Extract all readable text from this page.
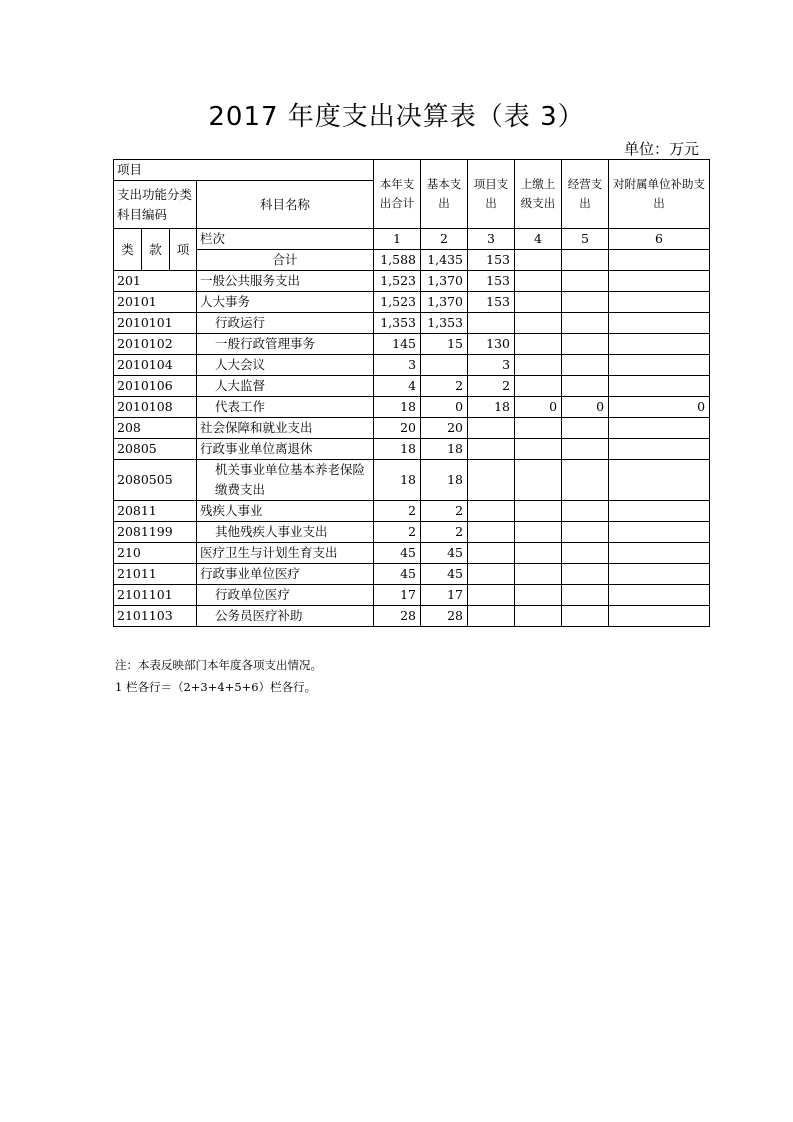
2017 年度支出决算表（表 3）
单位：万元
项目				本年支出合计	基本支出	项目支出	上缴上级支出	经营支出	对附属单位补助支出
支出功能分类科目编码			科目名称						

类	款	项	栏次	1	2	3	4	5	6
			合计	1,588	1,435	153			
201			一般公共服务支出	1,523	1,370	153			
20101			人大事务	1,523	1,370	153			
2010101			行政运行	1,353	1,353				
2010102			一般行政管理事务	145	15	130			
2010104			人大会议	3		3			
2010106			人大监督	4	2	2			
2010108			代表工作	18	0	18	0	0	0
208			社会保障和就业支出	20	20				
20805			行政事业单位离退休	18	18				
2080505			机关事业单位基本养老保险缴费支出	18	18				
20811			残疾人事业	2	2				
2081199			其他残疾人事业支出	2	2				
210			医疗卫生与计划生育支出	45	45				
21011			行政事业单位医疗	45	45				
2101101			行政单位医疗	17	17				
2101103			公务员医疗补助	28	28				
注：本表反映部门本年度各项支出情况。
1 栏各行＝（2+3+4+5+6）栏各行。
